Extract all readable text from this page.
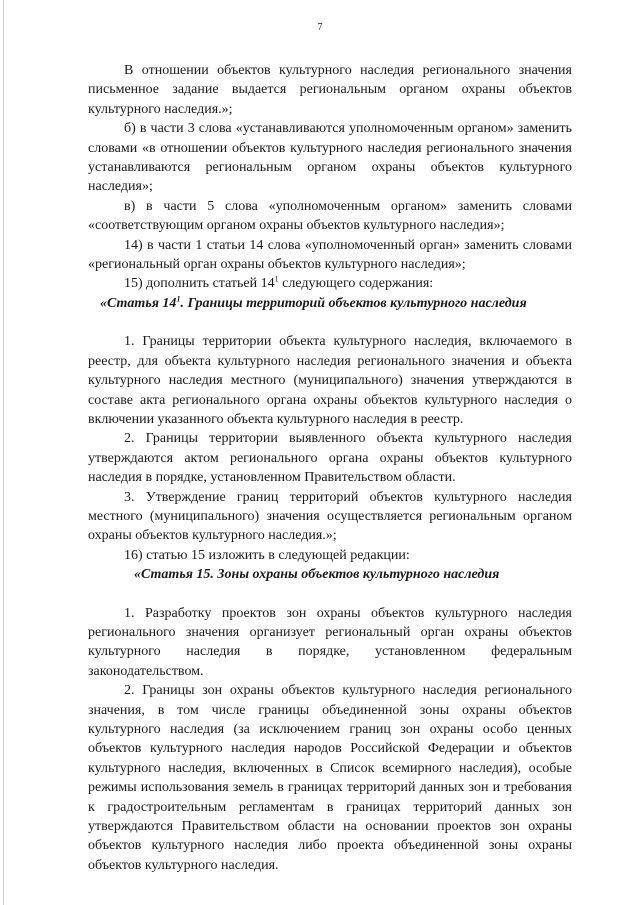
7

В отношении объектов культурного наследия регионального значения письменное задание выдается региональным органом охраны объектов культурного наследия.»;

б) в части 3 слова «устанавливаются уполномоченным органом» заменить словами «в отношении объектов культурного наследия регионального значения устанавливаются региональным органом охраны объектов культурного наследия»;

в) в части 5 слова «уполномоченным органом» заменить словами «соответствующим органом охраны объектов культурного наследия»;

14) в части 1 статьи 14 слова «уполномоченный орган» заменить словами «региональный орган охраны объектов культурного наследия»;

15) дополнить статьей $14^1$ следующего содержания:

«Статья $14^1$. Границы территорий объектов культурного наследия

1. Границы территории объекта культурного наследия, включаемого в реестр, для объекта культурного наследия регионального значения и объекта культурного наследия местного (муниципального) значения утверждаются в составе акта регионального органа охраны объектов культурного наследия о включении указанного объекта культурного наследия в реестр.

2. Границы территории выявленного объекта культурного наследия утверждаются актом регионального органа охраны объектов культурного наследия в порядке, установленном Правительством области.

3. Утверждение границ территорий объектов культурного наследия местного (муниципального) значения осуществляется региональным органом охраны объектов культурного наследия.»;

16) статью 15 изложить в следующей редакции:

«Статья 15. Зоны охраны объектов культурного наследия

1. Разработку проектов зон охраны объектов культурного наследия регионального значения организует региональный орган охраны объектов культурного наследия в порядке, установленном федеральным законодательством.

2. Границы зон охраны объектов культурного наследия регионального значения, в том числе границы объединенной зоны охраны объектов культурного наследия (за исключением границ зон охраны особо ценных объектов культурного наследия народов Российской Федерации и объектов культурного наследия, включенных в Список всемирного наследия), особые режимы использования земель в границах территорий данных зон и требования к градостроительным регламентам в границах территорий данных зон утверждаются Правительством области на основании проектов зон охраны объектов культурного наследия либо проекта объединенной зоны охраны объектов культурного наследия.
